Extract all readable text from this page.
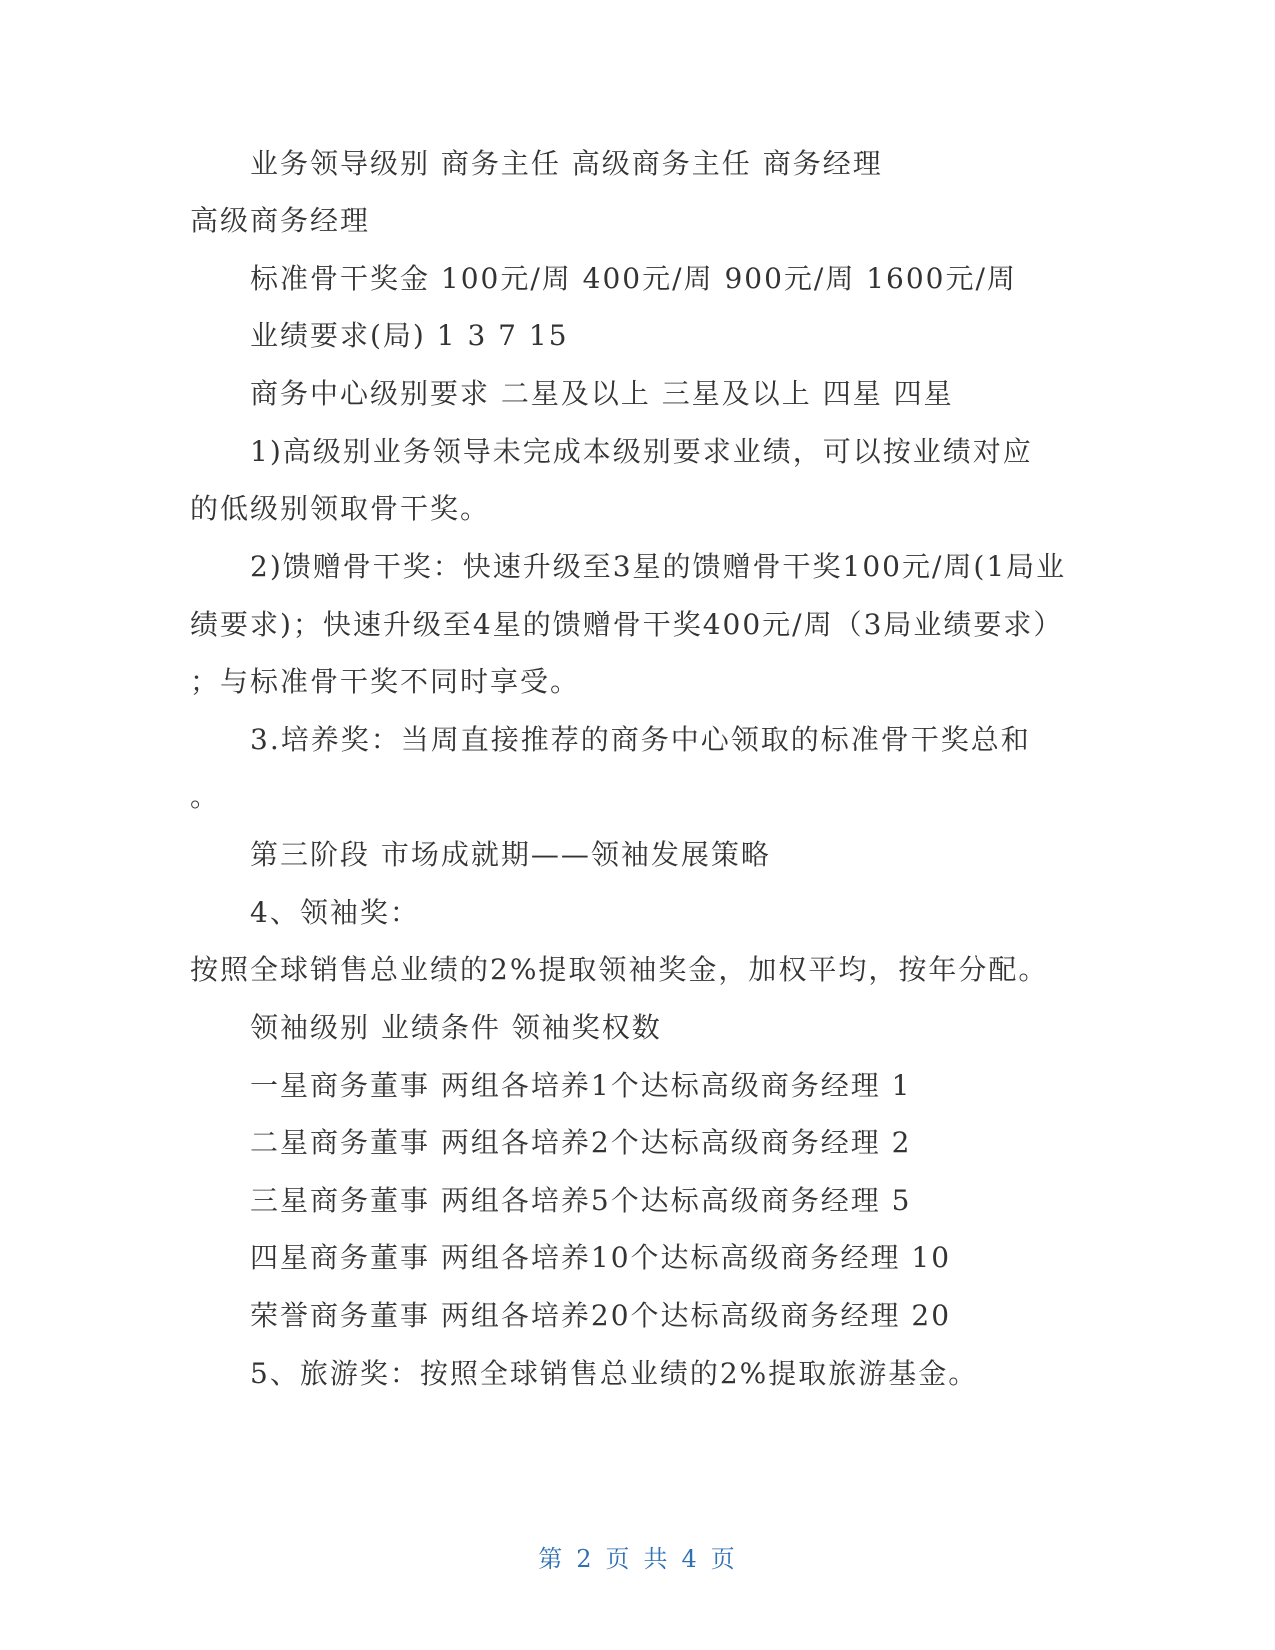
业务领导级别 商务主任 高级商务主任 商务经理
高级商务经理
标准骨干奖金 100元/周 400元/周 900元/周 1600元/周
业绩要求(局) 1 3 7 15
商务中心级别要求 二星及以上 三星及以上 四星 四星
1)高级别业务领导未完成本级别要求业绩，可以按业绩对应
的低级别领取骨干奖。
2)馈赠骨干奖：快速升级至3星的馈赠骨干奖100元/周(1局业
绩要求)；快速升级至4星的馈赠骨干奖400元/周（3局业绩要求）
；与标准骨干奖不同时享受。
3.培养奖：当周直接推荐的商务中心领取的标准骨干奖总和
。
第三阶段 市场成就期——领袖发展策略
4、领袖奖：
按照全球销售总业绩的2%提取领袖奖金，加权平均，按年分配。
领袖级别 业绩条件 领袖奖权数
一星商务董事 两组各培养1个达标高级商务经理 1
二星商务董事 两组各培养2个达标高级商务经理 2
三星商务董事 两组各培养5个达标高级商务经理 5
四星商务董事 两组各培养10个达标高级商务经理 10
荣誉商务董事 两组各培养20个达标高级商务经理 20
5、旅游奖：按照全球销售总业绩的2%提取旅游基金。
第 2 页 共 4 页
